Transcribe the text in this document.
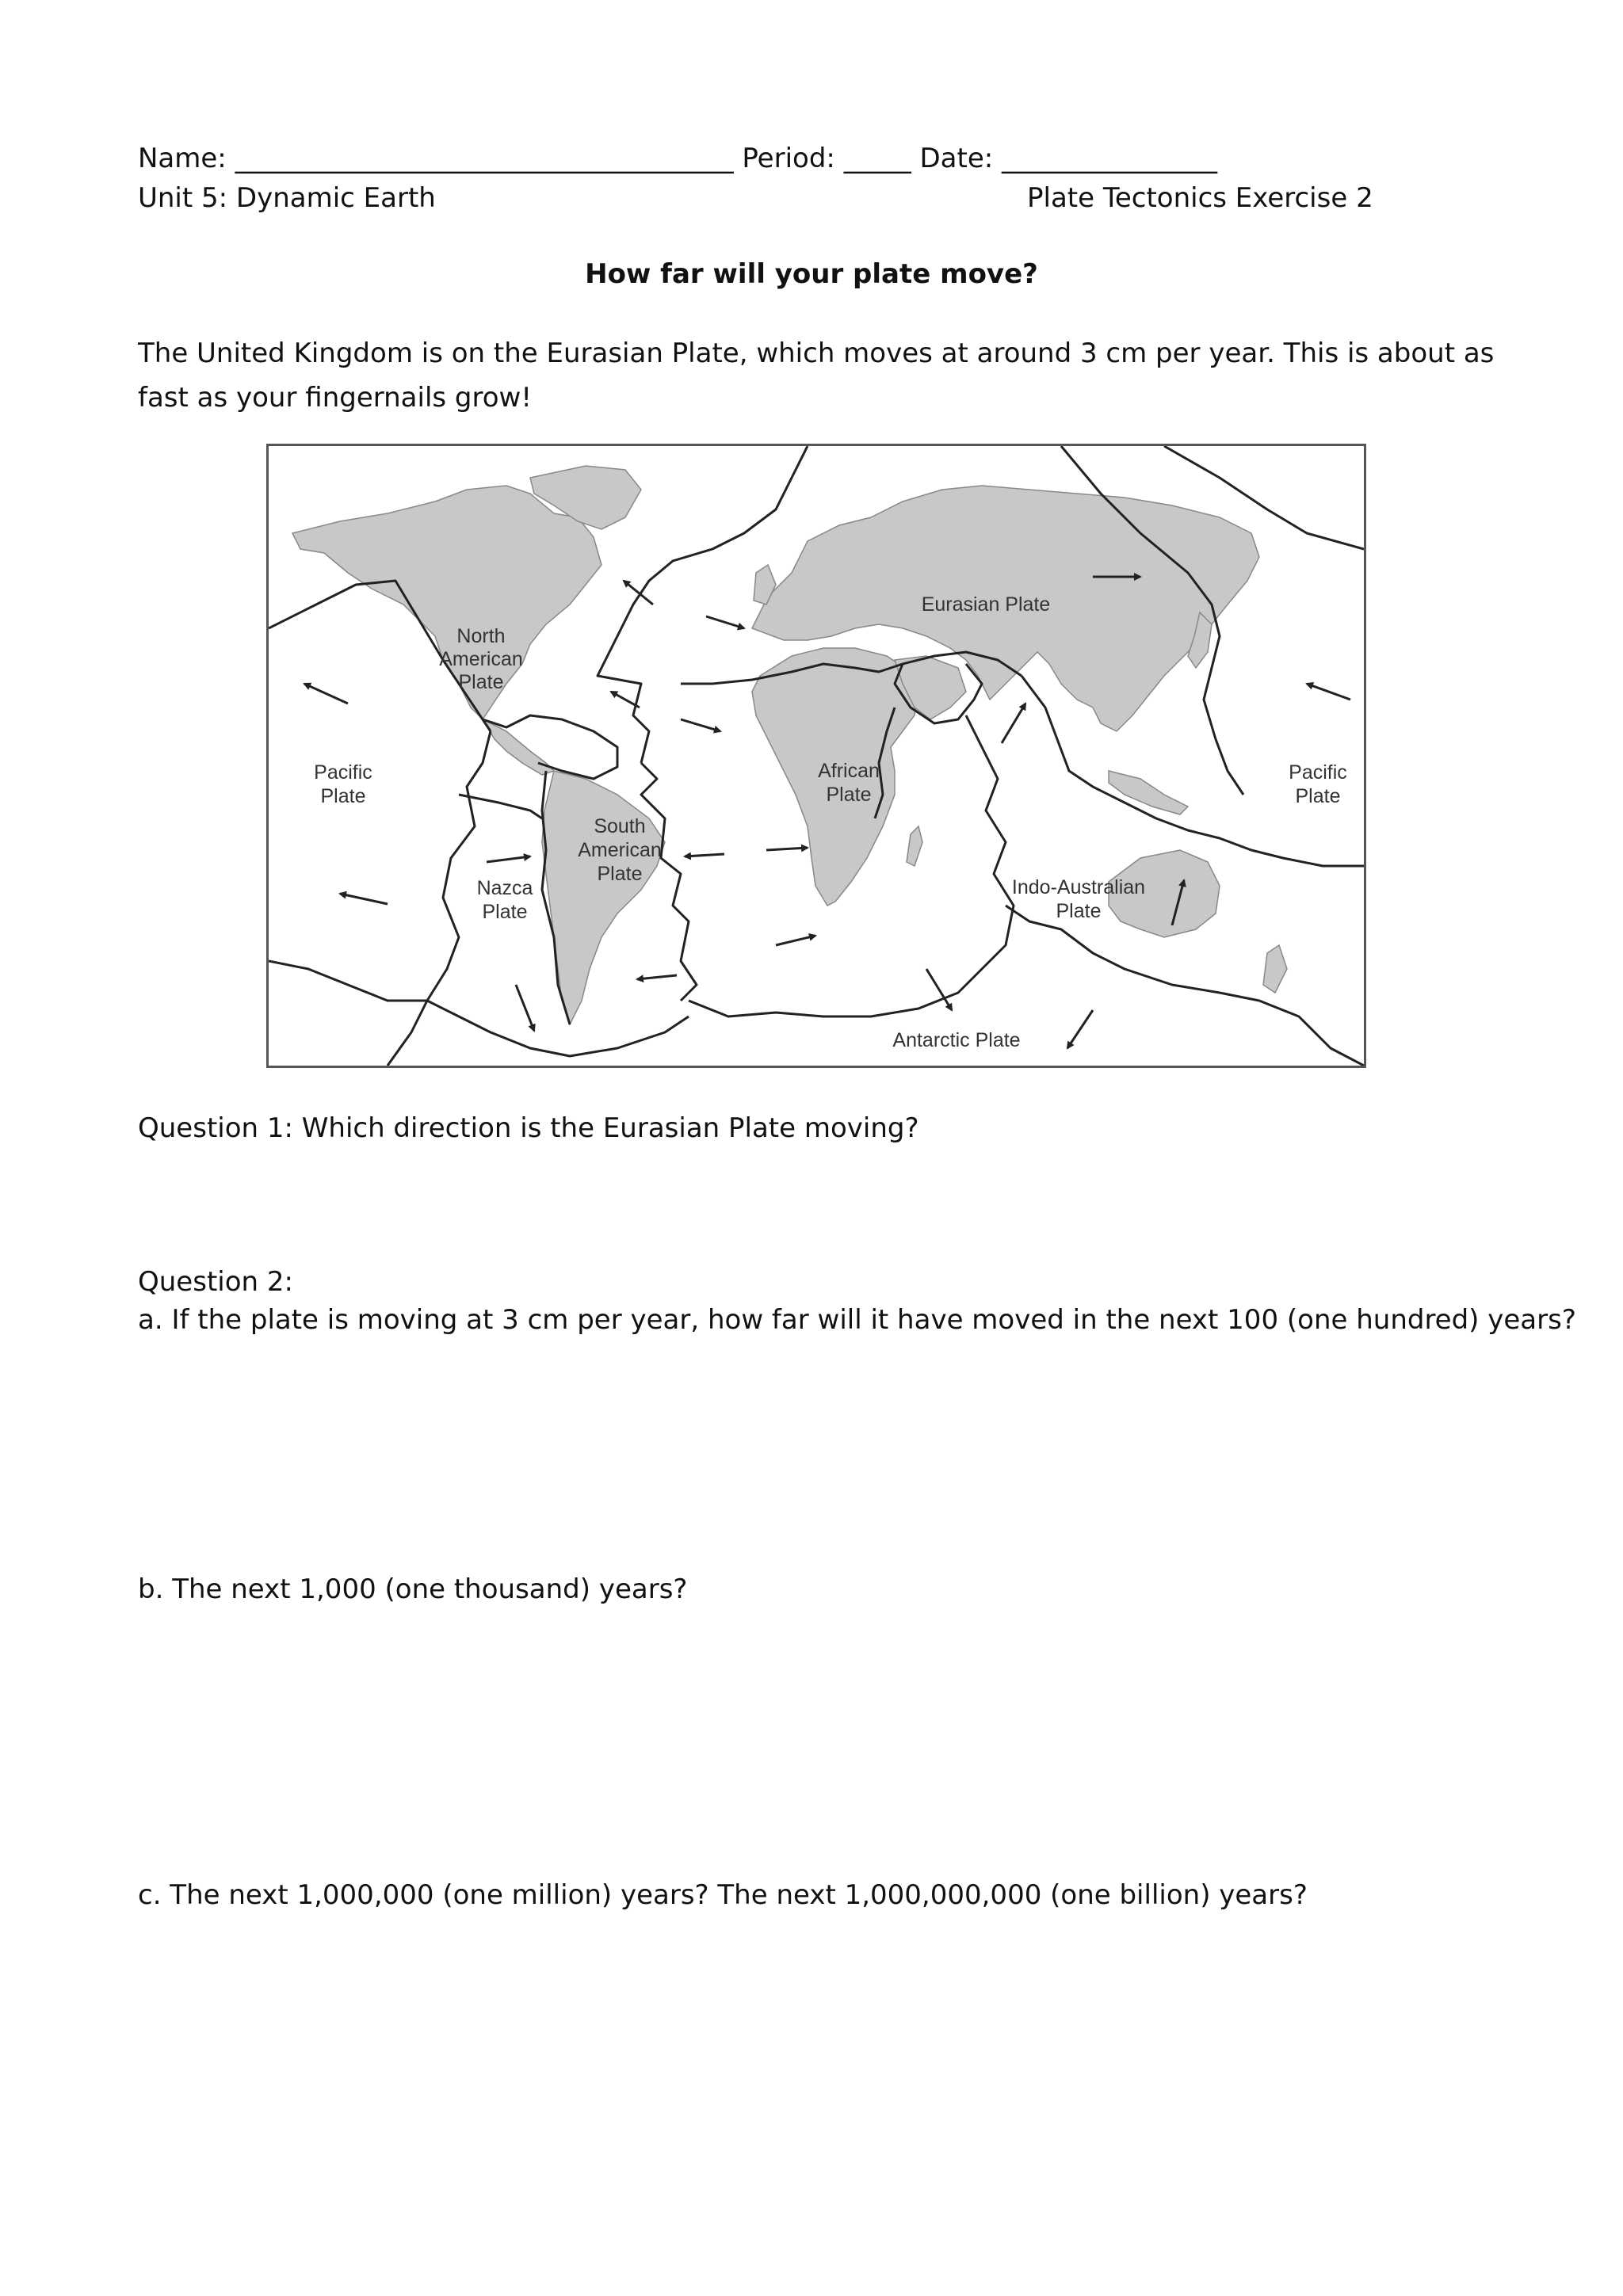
Name: _____________________________________ Period: _____ Date: ________________
Unit 5: Dynamic Earth	Plate Tectonics Exercise 2
How far will your plate move?
The United Kingdom is on the Eurasian Plate, which moves at around 3 cm per year. This is about as fast as your fingernails grow!
Eurasian Plate
North
American
Plate
Pacific
Plate
Pacific
Plate
African
Plate
South
American
Plate
Nazca
Plate
Indo-Australian
Plate
Antarctic Plate
Question 1: Which direction is the Eurasian Plate moving?
Question 2:
a. If the plate is moving at 3 cm per year, how far will it have moved in the next 100 (one hundred) years?
b. The next 1,000 (one thousand) years?
c. The next 1,000,000 (one million) years? The next 1,000,000,000 (one billion) years?
